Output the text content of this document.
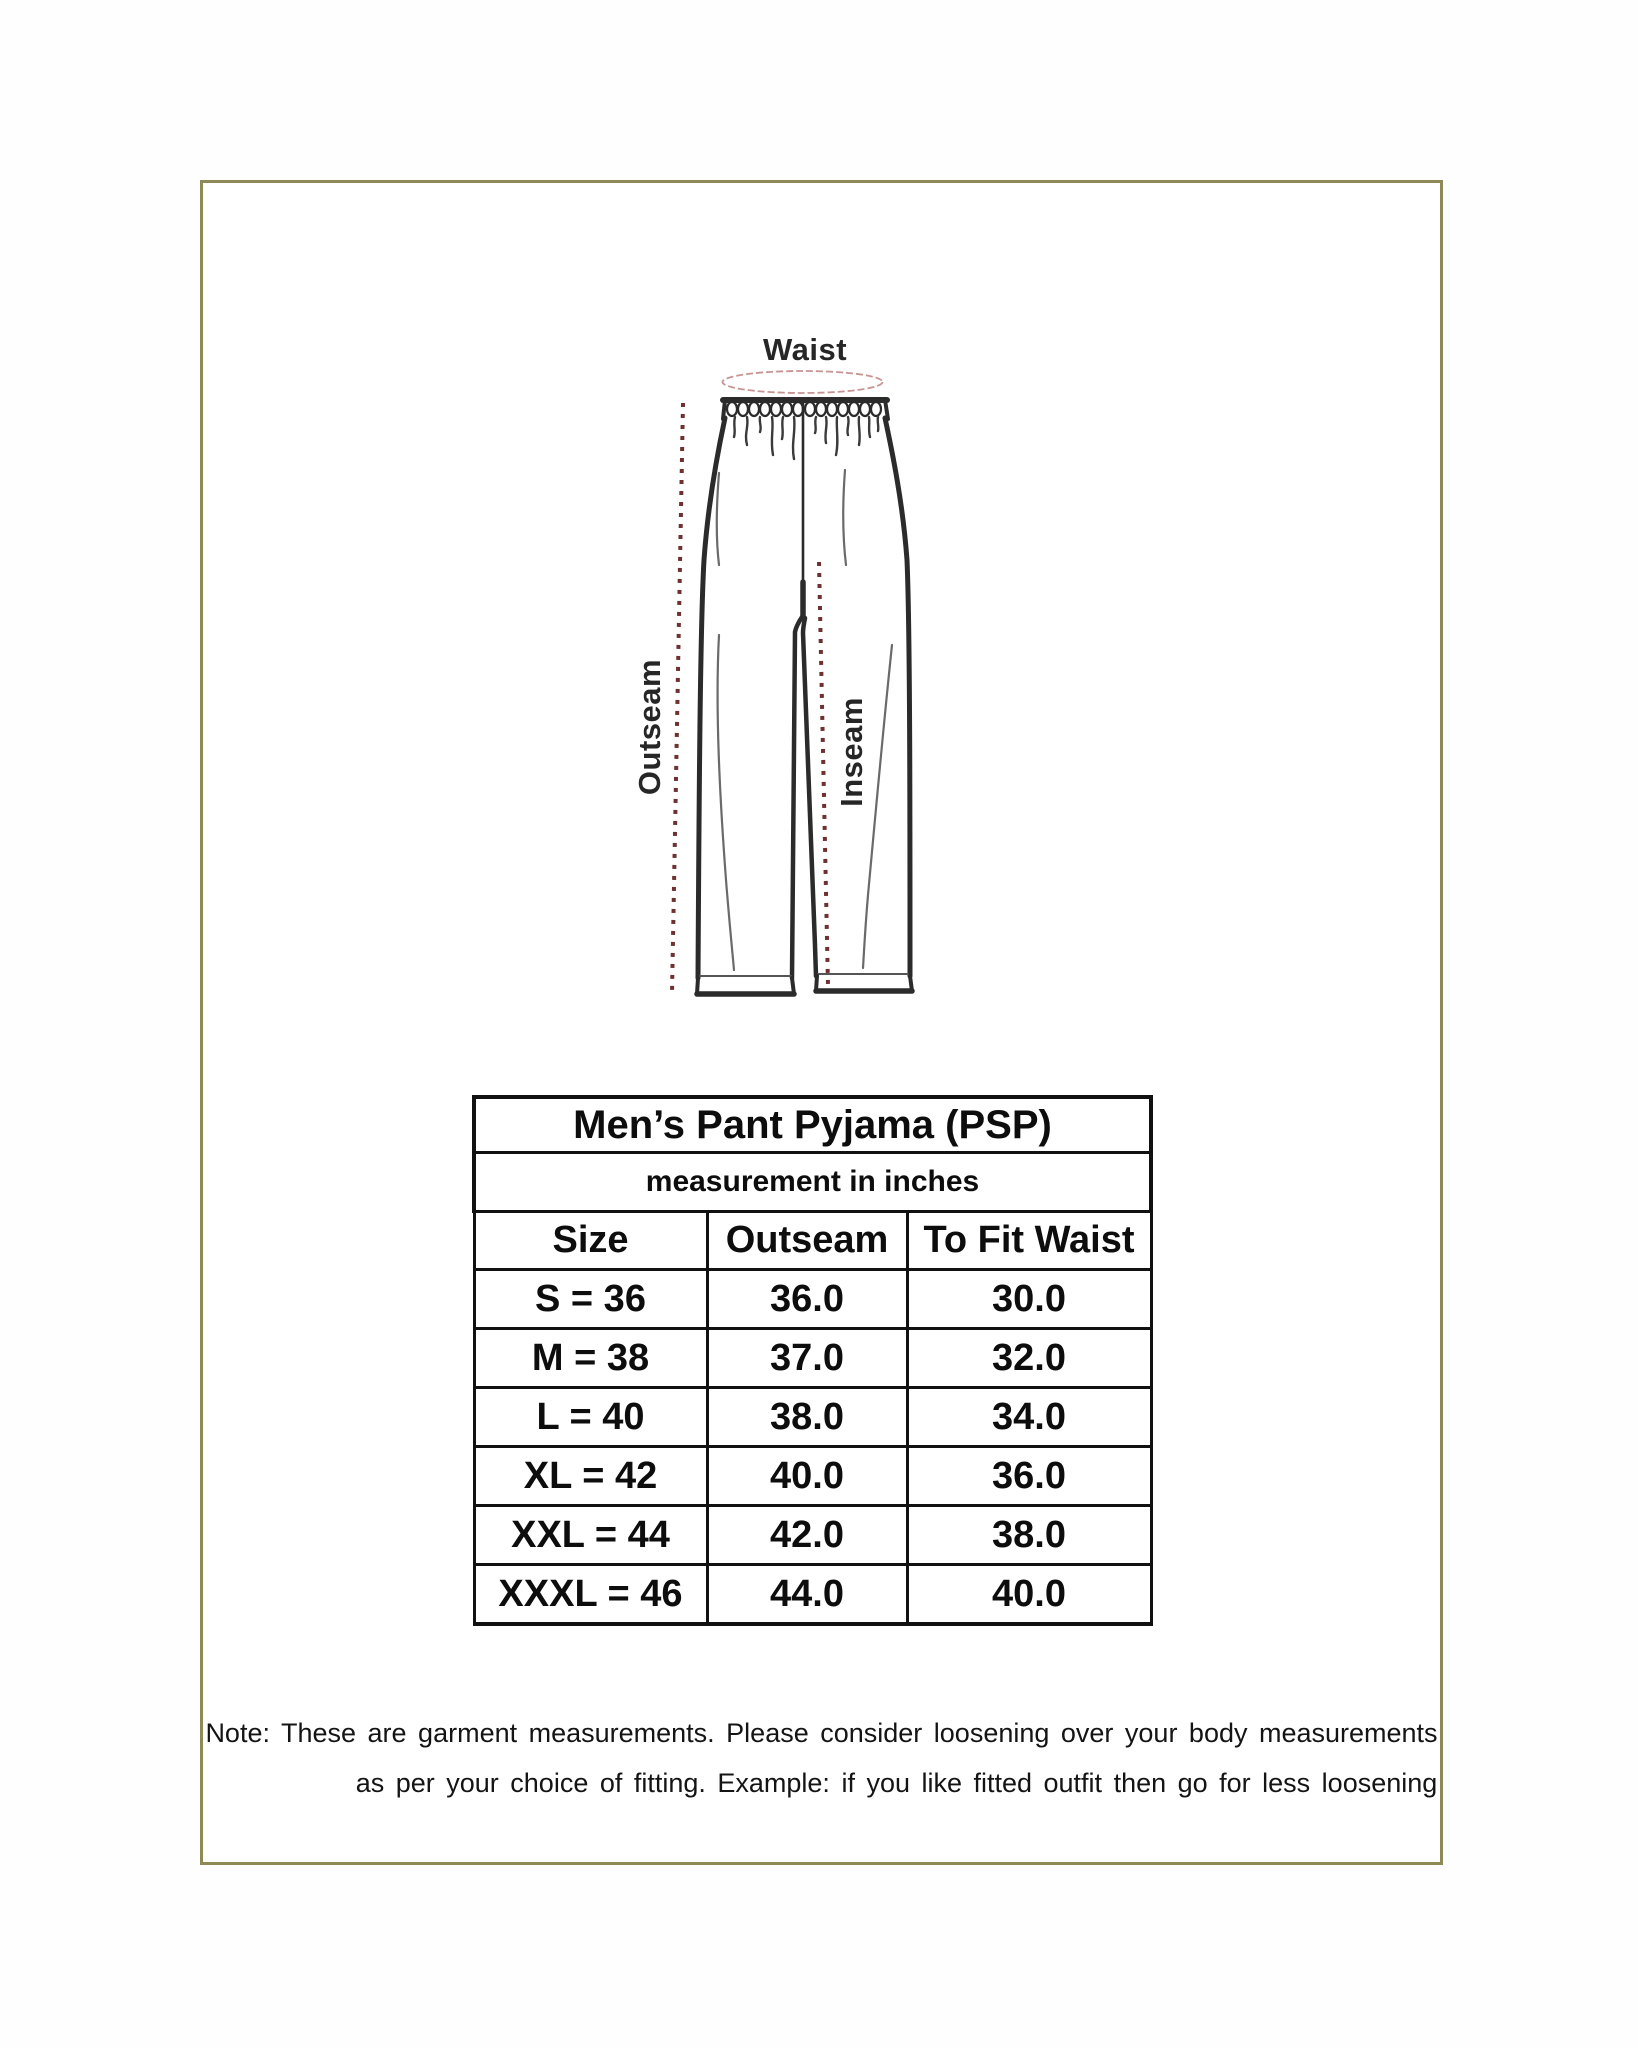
Waist
Outseam	Inseam
Men’s Pant Pyjama (PSP)		
measurement in inches		
Size	Outseam	To Fit Waist
S = 36	36.0	30.0
M = 38	37.0	32.0
L = 40	38.0	34.0
XL = 42	40.0	36.0
XXL = 44	42.0	38.0
XXXL = 46	44.0	40.0
Note: These are garment measurements. Please consider loosening over your body measurements
as per your choice of fitting. Example: if you like fitted outfit then go for less loosening
